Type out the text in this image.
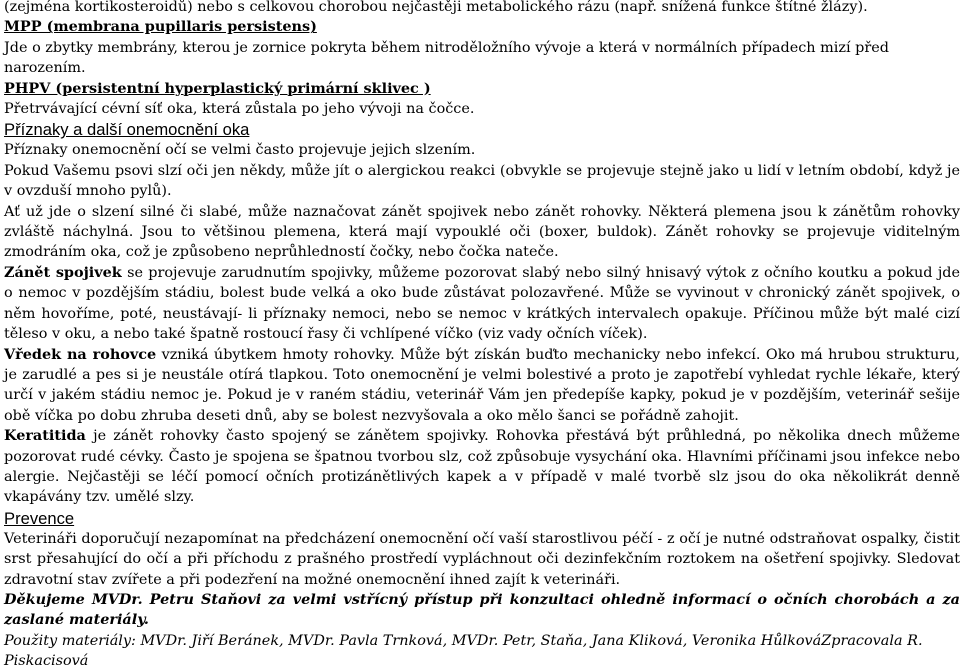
(zejména kortikosteroidů) nebo s celkovou chorobou nejčastěji metabolického rázu (např. snížená funkce štítné žlázy).

MPP (membrana pupillaris persistens)

Jde o zbytky membrány, kterou je zornice pokryta během nitroděložního vývoje a která v normálních případech mizí před narozením.

PHPV (persistentní hyperplastický primární sklivec )

Přetrvávající cévní síť oka, která zůstala po jeho vývoji na čočce.

Příznaky a další onemocnění oka

Příznaky onemocnění očí se velmi často projevuje jejich slzením.

Pokud Vašemu psovi slzí oči jen někdy, může jít o alergickou reakci (obvykle se projevuje stejně jako u lidí v letním období, když je v ovzduší mnoho pylů).

Ať už jde o slzení silné či slabé, může naznačovat zánět spojivek nebo zánět rohovky. Některá plemena jsou k zánětům rohovky zvláště náchylná. Jsou to většinou plemena, která mají vypouklé oči (boxer, buldok). Zánět rohovky se projevuje viditelným zmodráním oka, což je způsobeno neprůhledností čočky, nebo čočka nateče.

Zánět spojivek se projevuje zarudnutím spojivky, můžeme pozorovat slabý nebo silný hnisavý výtok z očního koutku a pokud jde o nemoc v pozdějším stádiu, bolest bude velká a oko bude zůstávat polozavřené. Může se vyvinout v chronický zánět spojivek, o něm hovoříme, poté, neustávají- li příznaky nemoci, nebo se nemoc v krátkých intervalech opakuje. Příčinou může být malé cizí těleso v oku, a nebo také špatně rostoucí řasy či vchlípené víčko (viz vady očních víček).

Vředek na rohovce vzniká úbytkem hmoty rohovky. Může být získán buďto mechanicky nebo infekcí. Oko má hrubou strukturu, je zarudlé a pes si je neustále otírá tlapkou. Toto onemocnění je velmi bolestivé a proto je zapotřebí vyhledat rychle lékaře, který určí v jakém stádiu nemoc je. Pokud je v raném stádiu, veterinář Vám jen předepíše kapky, pokud je v pozdějším, veterinář sešije obě víčka po dobu zhruba deseti dnů, aby se bolest nezvyšovala a oko mělo šanci se pořádně zahojit.

Keratitida je zánět rohovky často spojený se zánětem spojivky. Rohovka přestává být průhledná, po několika dnech můžeme pozorovat rudé cévky. Často je spojena se špatnou tvorbou slz, což způsobuje vysychání oka. Hlavními příčinami jsou infekce nebo alergie. Nejčastěji se léčí pomocí očních protizánětlivých kapek a v případě v malé tvorbě slz jsou do oka několikrát denně vkapávány tzv. umělé slzy.

Prevence

Veterináři doporučují nezapomínat na předcházení onemocnění očí vaší starostlivou péčí - z očí je nutné odstraňovat ospalky, čistit srst přesahující do očí a při příchodu z prašného prostředí vypláchnout oči dezinfekčním roztokem na ošetření spojivky. Sledovat zdravotní stav zvířete a při podezření na možné onemocnění ihned zajít k veterináři.

Děkujeme MVDr. Petru Staňovi za velmi vstřícný přístup při konzultaci ohledně informací o očních chorobách a za zaslané materiály.

Použity materiály: MVDr. Jiří Beránek, MVDr. Pavla Trnková, MVDr. Petr, Staňa, Jana Kliková, Veronika HůlkováZpracovala R. Piskacisová
